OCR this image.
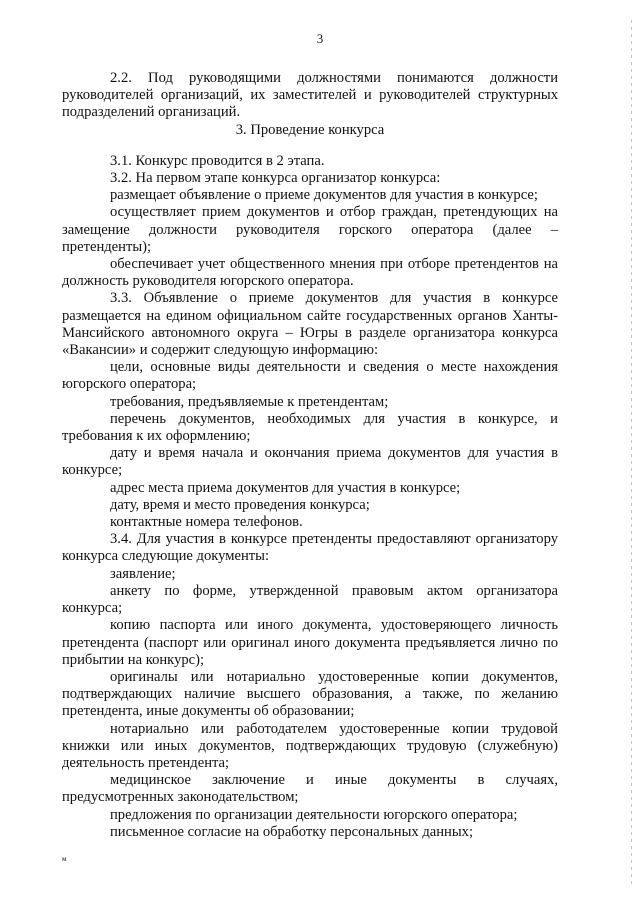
3

2.2. Под руководящими должностями понимаются должности руководителей организаций, их заместителей и руководителей структурных подразделений организаций.

3. Проведение конкурса

3.1. Конкурс проводится в 2 этапа.

3.2. На первом этапе конкурса организатор конкурса:

размещает объявление о приеме документов для участия в конкурсе;

осуществляет прием документов и отбор граждан, претендующих на замещение должности руководителя горского оператора (далее – претенденты);

обеспечивает учет общественного мнения при отборе претендентов на должность руководителя югорского оператора.

3.3. Объявление о приеме документов для участия в конкурсе размещается на едином официальном сайте государственных органов Ханты-Мансийского автономного округа – Югры в разделе организатора конкурса «Вакансии» и содержит следующую информацию:

цели, основные виды деятельности и сведения о месте нахождения югорского оператора;

требования, предъявляемые к претендентам;

перечень документов, необходимых для участия в конкурсе, и требования к их оформлению;

дату и время начала и окончания приема документов для участия в конкурсе;

адрес места приема документов для участия в конкурсе;

дату, время и место проведения конкурса;

контактные номера телефонов.

3.4. Для участия в конкурсе претенденты предоставляют организатору конкурса следующие документы:

заявление;

анкету по форме, утвержденной правовым актом организатора конкурса;

копию паспорта или иного документа, удостоверяющего личность претендента (паспорт или оригинал иного документа предъявляется лично по прибытии на конкурс);

оригиналы или нотариально удостоверенные копии документов, подтверждающих наличие высшего образования, а также, по желанию претендента, иные документы об образовании;

нотариально или работодателем удостоверенные копии трудовой книжки или иных документов, подтверждающих трудовую (служебную) деятельность претендента;

медицинское заключение и иные документы в случаях, предусмотренных законодательством;

предложения по организации деятельности югорского оператора;

письменное согласие на обработку персональных данных;

м
